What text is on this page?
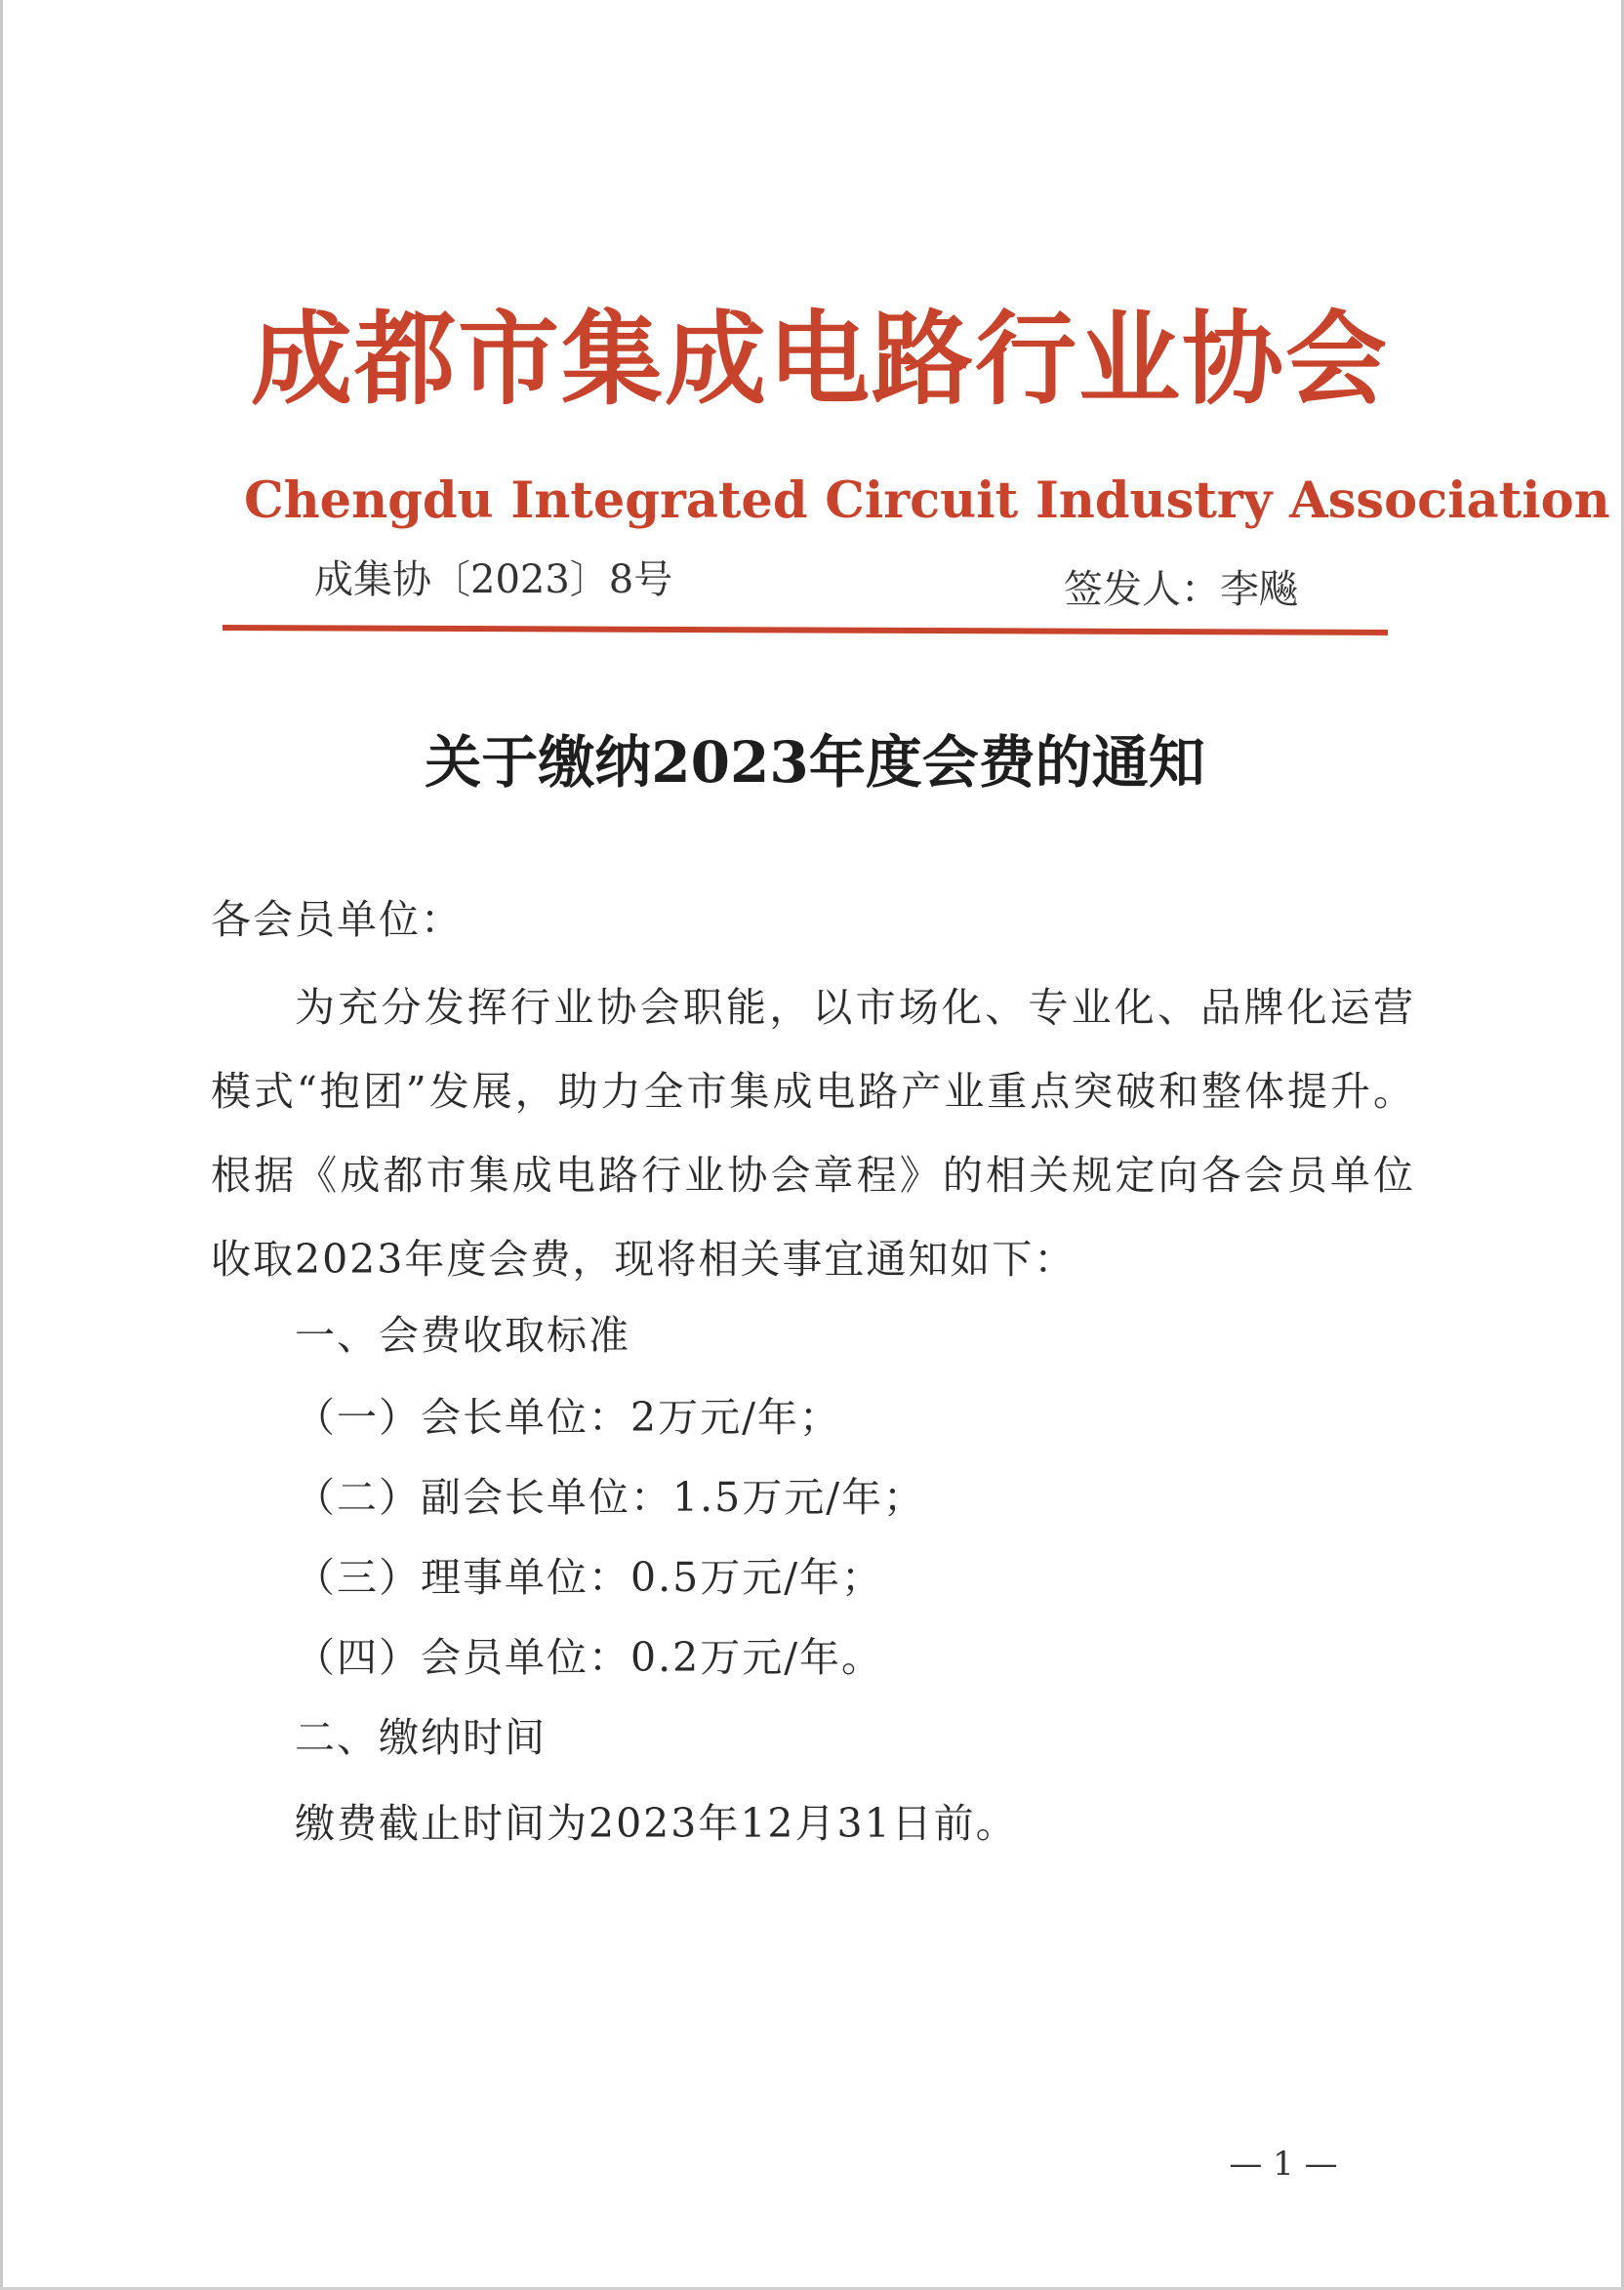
成都市集成电路行业协会
Chengdu Integrated Circuit Industry Association
成集协〔2023〕8号	签发人：李飚
关于缴纳2023年度会费的通知
各会员单位：
为充分发挥行业协会职能，以市场化、专业化、品牌化运营
模式“抱团”发展，助力全市集成电路产业重点突破和整体提升。
根据《成都市集成电路行业协会章程》的相关规定向各会员单位
收取2023年度会费，现将相关事宜通知如下：
一、会费收取标准
（一）会长单位：2万元/年；
（二）副会长单位：1.5万元/年；
（三）理事单位：0.5万元/年；
（四）会员单位：0.2万元/年。
二、缴纳时间
缴费截止时间为2023年12月31日前。
— 1 —
